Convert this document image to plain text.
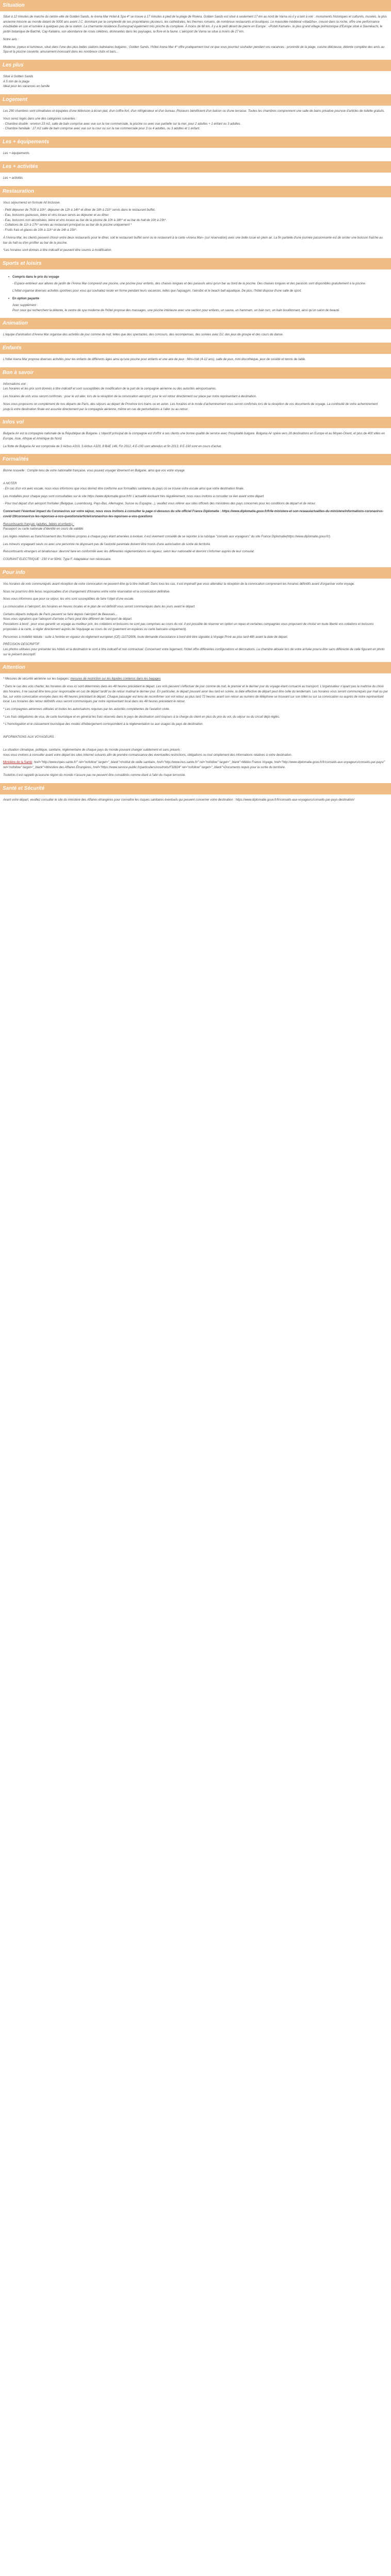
Situation

Situé à 12 minutes de marche du centre-ville de Golden Sands, le Arena Mar Hotel & Spa 4* se trouve à 17 minutes à pied de la plage de Riviera. Golden Sands est situé à seulement 17 km au nord de Varna où il y a tant à voir : monuments historiques et culturels, musées, la plus ancienne trésorie au monde datant de 5000 ans avant J.C. dominant par la complexité de ses propriétaires plusieurs, les cathédrales, les thermes romains, de nombreux restaurants et boutiques. Le mausolée médiéval «Aladzha», creusé dans la roche, offre une performance inoubliable en son et lumière à quelques pas de la station. La charmante résidence Euxinograd également très proche du complexe. À moins de 60 km, il y a le petit désert de pierre en Europe : «Pobiti Kamani», le plus grand village préhistorique d'Europe situé à Slavnikachi, le jardin botanique de Balchik, Cap Kaliakra, son abondance de roses célèbres, étonnantes dans les paysages, la flore et la faune. L'aéroport de Varna se situe à moins de 27 km.

Notre avis :

Moderne, joyeux et lumineux, situé dans l'une des plus belles stations balnéaires bulgares : Golden Sands, l'hôtel Arena Mar 4* offre pratiquement tout ce que vous pourriez souhaiter pendant vos vacances : proximité de la plage, cuisine délicieuse, détente complète des amis au Spa et la piscine couverte, amusement incessant dans les nombreux clubs et bars...

Les plus
Situé à Golden Sands
A 5 min de la plage
Idéal pour les vacances en famille
Logement

Les 290 chambres sont climatisées et équipées d'une télévision à écran plat, d'un coffre-fort, d'un réfrigérateur et d'un bureau. Plusieurs bénéficient d'un balcon ou d'une terrasse. Toutes les chambres comprennent une salle de bains privative pourvue d'articles de toilette gratuits.

Vous serez logés dans une des catégories suivantes :

- Chambre double : environ 23 m2, salle de bain comprise avec vue sur la rue commerciale, la piscine ou avec vue partielle sur la mer, pour 2 adultes + 1 enfant ou 3 adultes.
- Chambre familiale : 27 m2 salle de bain comprise avec vue sur la cour ou sur la rue commerciale pour 3 ou 4 adultes, ou 3 adultes et 1 enfant.
Les + équipements

Les + équipements

Les + activités

Les + activités

Restauration

Vous séjournerez en formule All Inclusive.

- Petit déjeuner de 7h30 à 10h*, déjeuner de 12h à 14h* et dîner de 18h à 21h* servis dans le restaurant buffet.
- Eau, boissons gazeuses, bière et vins locaux servis au déjeuner et au dîner.
- Eau, boissons non alcoolisées, bière et vins locaux au bar de la piscine de 10h à 18h* et au bar du hall de 10h à 23h*.
- Collations de 11h à 17h* servies au restaurant principal ou au bar de la piscine uniquement *

- Fruits frais et glaces de 10h à 11h* et de 14h à 15h*.

À l'Arena Mar, les clients peuvent choisir entre deux restaurants pour le dîner, soit le restaurant buffet servi ou le restaurant à la carte «Arena Mar» (sur réservation) avec une belle issue en plein air. La fin partielle d'une journée passionnante est de siroter une boisson fraîche au bar du hall ou d'en profiter au bar de la piscine.

*Les horaires sont donnés à titre indicatif et peuvent être soumis à modification.

Sports et loisirs
• Compris dans le prix du voyage

- Espace extérieur aux allures de jardin de l'Arena Mar comprend une piscine, une piscine pour enfants, des chaises longues et des parasols ainsi qu'un bar au bord de la piscine. Des chaises longues et des parasols sont disponibles gratuitement à la piscine.

L'hôtel organise diverses activités sportives pour vous qui souhaitez rester en forme pendant leurs vacances, telles que l'aquagym, l'aérobic et le beach ball aquatique. De plus, l'hôtel dispose d'une salle de sport.

• En option payante
Avec supplément :

Pour ceux qui recherchent la détente, le centre de spa moderne de l'hôtel propose des massages, une piscine intérieure avec une section pour enfants, un sauna, un hammam, un bain turc, un bain bouillonnant, ainsi qu'un salon de beauté.

Animation

L'équipe d'animation d'Arena Mar organise des activités de jour comme de nuit, telles que des spectacles, des concours, des recompenses, des soirées avec DJ, des jeux de groupe et des cours de danse.

Enfants

L'hôtel Arena Mar propose diverses activités pour les enfants de différents âges ainsi qu'une piscine pour enfants et une aire de jeux : Mini-club (4-12 ans), salle de jeux, mini discothèque, jeux de société et tennis de table.

Bon à savoir
Informations voir :

Les horaires et les prix sont donnés à titre indicatif et sont susceptibles de modification de la part de la compagnie aérienne ou des autorités aéroportuaires.

Les horaires de vols vous seront confirmés : pour le vol aller, lors de la réception de la convocation aéroport; pour le vol retour directement sur place par notre représentant à destination.

Nous vous proposons un complément de nos départs de Paris, des séjours au départ de Province lors trains ou en avion. Les horaires et le mode d'acheminement vous seront confirmés lors de la réception de vos documents de voyage. La continuité de votre acheminement jusqu'à votre destination finale est assurée directement par la compagnie aérienne, même en cas de perturbations à l'aller ou au retour.

Infos vol

Bulgaria Air est la compagnie nationale de la République de Bulgarie. L'objectif principal de la compagnie est d'offrir à ses clients une bonne qualité de service avec l'hospitalité bulgare. Bulgaria Air opère vers 28 destinations en Europe et au Moyen-Orient, et plus de 400 villes en Europe, Asie, Afrique et Amérique du Nord.

La flotte de Bulgaria Air est composée de 3 Airbus A319, 3 Airbus A320, 8 BAE 146, Fin 2012, 4 E-190 sont attendus et fin 2013, 8 E-190 sont en cours d'achat.

Formalités

Bonne nouvelle : Compte tenu de votre nationalité française, vous pouvez voyager librement en Bulgarie, ainsi que vos votre voyage

A NOTER

- En cas d'un vol avec escale, nous vous informons que vous devrez être conforme aux formalités sanitaires du pays où se trouve votre escale ainsi que votre destination finale.

Les modalités pour chaque pays sont consultables sur le site https://www.diplomatie.gouv.fr/fr/ L'actualité évoluant très régulièrement, nous vous invitons à consulter ce lien avant votre départ.

- Pour tout départ d'un aéroport frontalier (Belgique, Luxembourg, Pays-Bas, Allemagne, Suisse ou Espagne...), veuillez vous référer aux sites officiels des ministères des pays concernés pour les conditions de départ et de retour.

Concernant l'éventuel impact du Coronavirus sur votre séjour, nous vous invitons à consulter la page ci-dessous du site officiel France Diplomatie : https://www.diplomatie.gouv.fr/fr/le-ministere-et-son-reseau/actualites-du-ministere/informations-coronavirus-covid-19/coronavirus-les-reponses-a-vos-questions/article/coronavirus-les-reponses-a-vos-questions

Ressortissants français (adultes, bébés et enfants) :

Passeport ou carte nationale d'identité en cours de validité.

Les règles relatives au franchissement des frontières propres à chaque pays étant amenées à évoluer, il est vivement conseillé de se reporter à la rubrique "conseils aux voyageurs" du site France Diplomatie(https://www.diplomatie.gouv.fr/).

Les mineurs voyageant seuls ou avec une personne ne disposant pas de l'autorité parentale doivent être munis d'une autorisation de sortie de territoire.

Ressortissants étrangers et binationaux :devront faire en conformité avec les différentes réglementations en vigueur, selon leur nationalité et devront s'informer auprès de leur consulat.

COURANT ELECTRIQUE : 230 V et 50Hz. Type F. Adaptateur non nécessaire.

Pour info

Vos horaires de vols communiqués avant réception de votre convocation ne peuvent être qu'à titre indicatif. Dans tous les cas, il est impératif que vous attendiez la réception de la convocation comprenant les horaires définitifs avant d'organiser votre voyage.

Nous ne pourrons être tenus responsables d'un changement d'horaires entre votre réservation et la convocation définitive.

Nous vous informons que pour ce séjour, les vins sont susceptibles de faire l'objet d'une escale.

La convocation à l'aéroport, les horaires en heures locales et le plan de vol définitif vous seront communiqués dans les jours avant le départ.

Certains départs indiqués de Paris peuvent se faire depuis l'aéroport de Beauvais...
Nous vous signalons que l'aéroport d'arrivée à Paris peut être différent de l'aéroport de départ.

Prestations à bord : pour vous garantir un voyage au meilleur prix, les collations et boissons ne sont pas comprises au cours du vol. Il est possible de réserver en option un repas et certaines compagnies vous proposent de choisir en toute liberté vos collations et boissons proposées à la carte, à régler directement auprès de l'équipage au cours du vol (paiement en espèces ou carte bancaire uniquement).

Personnes à mobilité réduite : suite à l'entrée en vigueur du règlement européen (CE) 1107/2006, toute demande d'assistance à bord doit être signalée à Voyage Privé au plus tard 48h avant la date de départ.

PRÉCISION DESCRIPTIF

Les photos utilisées pour présenter les hôtels et la destination le sont à titre indicatif et non contractuel. Concernant votre logement, l'hôtel offre différentes configurations et décorations. La chambre allouée lors de votre arrivée pourra être sans différente de celle figurant en photo sur le présent descriptif.

Attention

* Mesures de sécurité aérienne sur les bagages: mesures de restriction sur les liquides contenus dans les bagages

* Dans le cas des vols charter, les horaires de vous ici sont déterminés dans les 48 heures précédant le départ. Les vols peuvent s'effectuer de jour comme de nuit, le premier et le dernier jour du voyage étant consacré au transport. L'organisateur n'ayant pas la maîtrise du choix des horaires, il ne saurait être tenu pour responsable en cas de départ tardif ou de retour matinal le dernier jour. En particulier, le départ pouvant avoir lieu tard en soirée, la date effective de départ peut être celle du lendemain. Les horaires vous seront communiqués par mail ou par fax, sur votre convocation envoyée dans les 48 heures précédant le départ. Chaque passager est tenu de reconfirmer son vol retour au plus tard 72 heures avant son retour au numéro de téléphone se trouvant sur son billet ou sur sa convocation ou auprès de notre représentant local. Les horaires des retour définitifs vous seront communiqués par notre représentant local dans les 48 heures précédant le retour.

* Les compagnies aériennes utilisées et toutes les autorisations requises par les autorités compétentes de l'aviation civile.

* Les frais obligatoires de visa, de carte touristique et en général les frais réservés dans le pays de destination sont toujours à la charge du client en plus du prix du vol, du séjour ou du circuit déjà réglés.

* L'homologation et le classement touristique des modes d'hébergement correspondent à la réglementation ou aux usages du pays de destination.

INFORMATIONS AUX VOYAGEURS :

La situation climatique, politique, sanitaire, réglementaire de chaque pays du monde pouvant changer subitement et sans préavis :

nous vous invitons à consulter avant votre départ les sites Internet suivants afin de prendre connaissance des éventuelles restrictions, obligations ou tout simplement des informations relatives à votre destination.

Ministère de la Santé: href="http://www.inpes.sante.fr/" rel="nofollow" target="_blank">Institut de veille sanitaire, href="http://www.invs.sante.fr/" rel="nofollow" target="_blank">Météo France Voyage, href="http://www.diplomatie.gouv.fr/fr/conseils-aux-voyageurs/conseils-par-pays/" rel="nofollow" target="_blank">Ministère des Affaires Étrangères, href="https://www.service-public.fr/particuliers/vosdroits/F32824" rel="nofollow" target="_blank">Documents requis pour la sortie du territoire.

Toutefois il est rappelé qu'aucune région du monde n'assure pas ne peuvent être considérés comme étant à l'abri du risque terroriste.

Santé et Sécurité

Avant votre départ, veuillez consulter le site du ministère des Affaires étrangères pour connaître les risques sanitaires éventuels qui peuvent concerner votre destination : https://www.diplomatie.gouv.fr/fr/conseils-aux-voyageurs/conseils-par-pays-destination/
